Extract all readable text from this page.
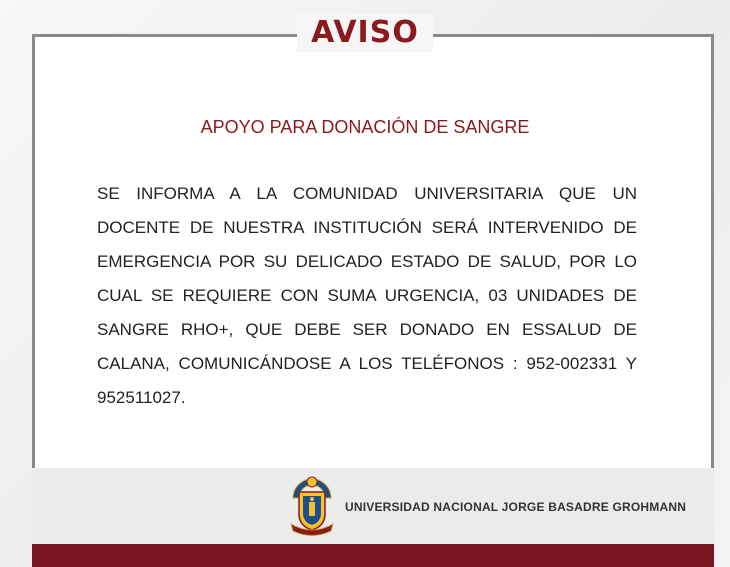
AVISO
APOYO PARA DONACIÓN DE SANGRE
SE INFORMA A LA COMUNIDAD UNIVERSITARIA QUE UN DOCENTE DE NUESTRA INSTITUCIÓN SERÁ INTERVENIDO DE EMERGENCIA POR SU DELICADO ESTADO DE SALUD, POR LO CUAL SE REQUIERE CON SUMA URGENCIA, 03 UNIDADES DE SANGRE RHO+, QUE DEBE SER DONADO EN ESSALUD DE CALANA, COMUNICÁNDOSE A LOS TELÉFONOS : 952-002331 Y 952511027.
UNIVERSIDAD NACIONAL JORGE BASADRE GROHMANN
